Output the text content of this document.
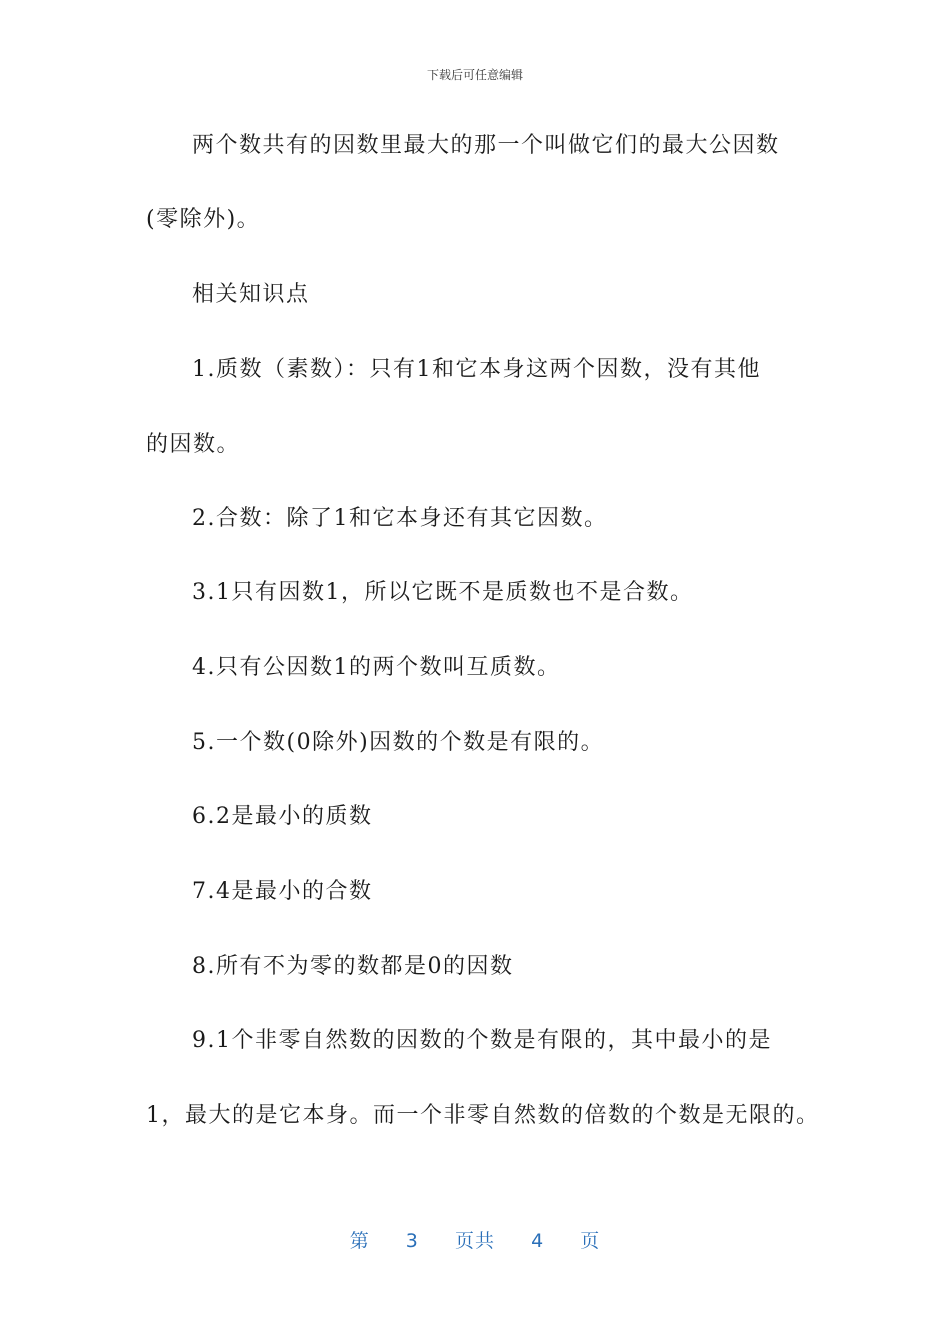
下载后可任意编辑
两个数共有的因数里最大的那一个叫做它们的最大公因数
(零除外)。
相关知识点
1.质数（素数）：只有1和它本身这两个因数，没有其他
的因数。
2.合数：除了1和它本身还有其它因数。
3.1只有因数1，所以它既不是质数也不是合数。
4.只有公因数1的两个数叫互质数。
5.一个数(0除外)因数的个数是有限的。
6.2是最小的质数
7.4是最小的合数
8.所有不为零的数都是0的因数
9.1个非零自然数的因数的个数是有限的，其中最小的是
1，最大的是它本身。而一个非零自然数的倍数的个数是无限的。
第 3 页共 4 页
